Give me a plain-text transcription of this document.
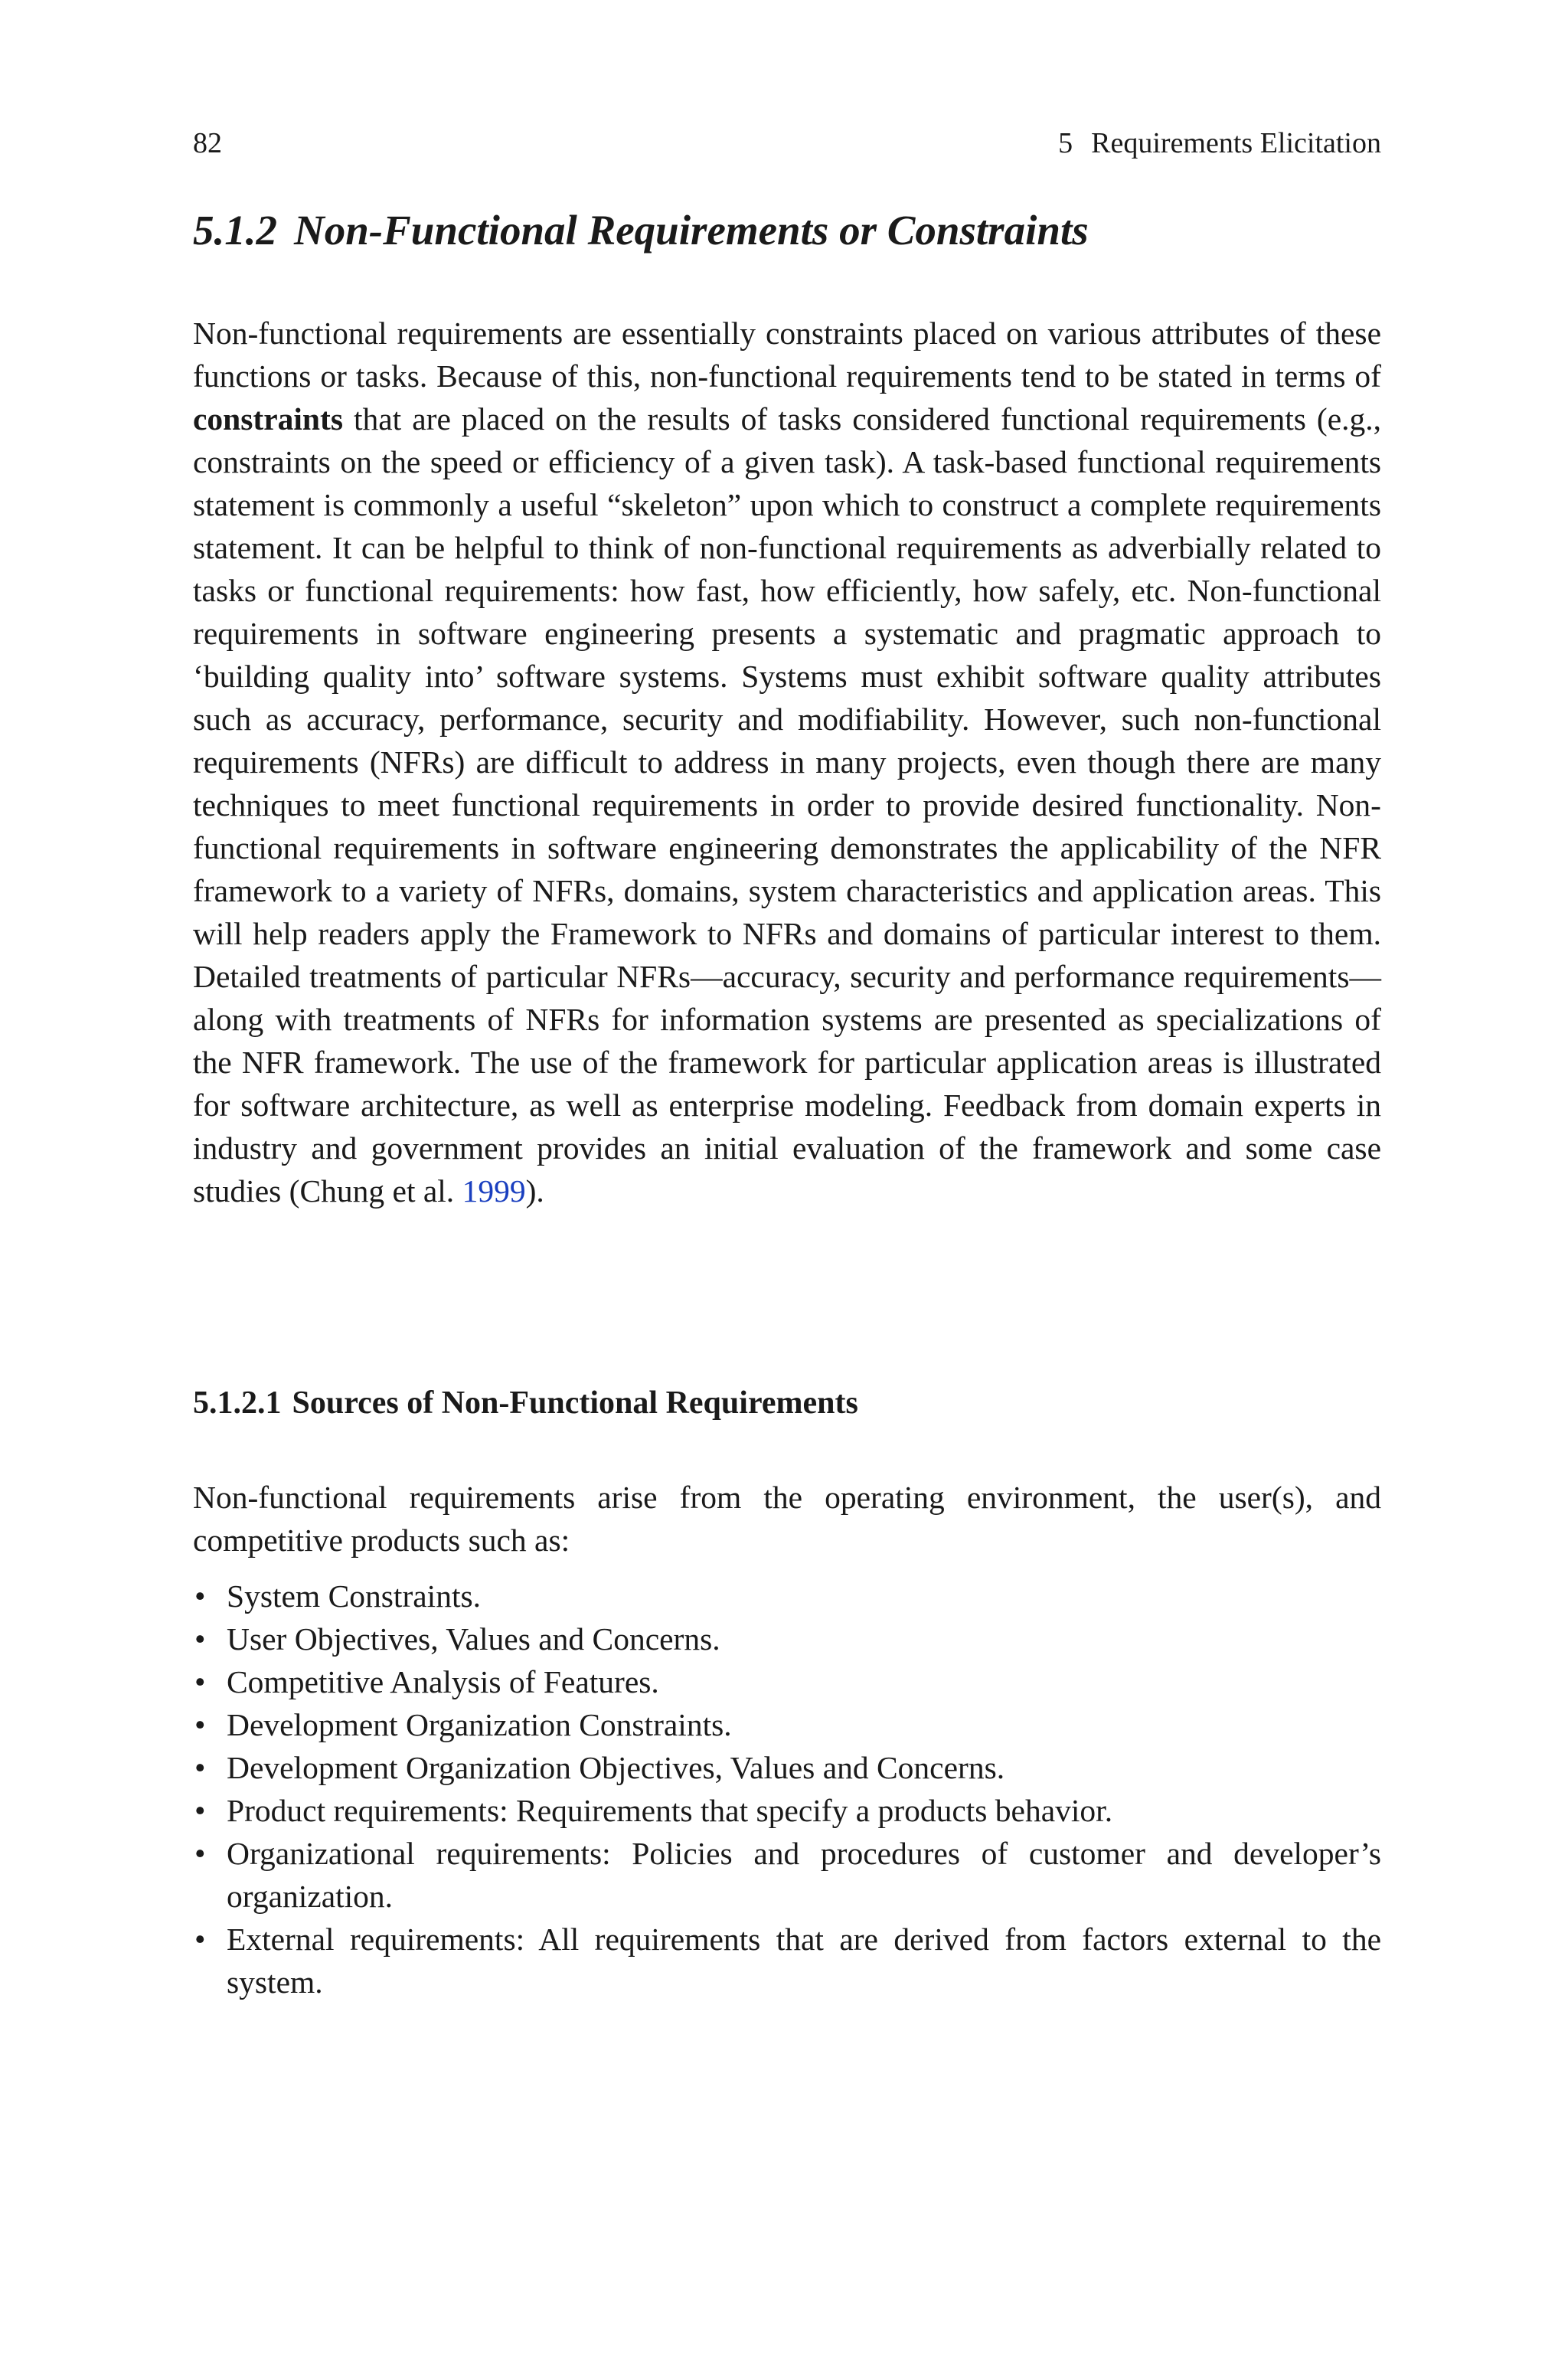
82	5 Requirements Elicitation
5.1.2 Non-Functional Requirements or Constraints

Non-functional requirements are essentially constraints placed on various attributes of these functions or tasks. Because of this, non-functional requirements tend to be stated in terms of constraints that are placed on the results of tasks considered functional requirements (e.g., constraints on the speed or efficiency of a given task). A task-based functional requirements statement is commonly a useful “skeleton” upon which to construct a complete requirements statement. It can be helpful to think of non-functional requirements as adverbially related to tasks or functional requirements: how fast, how efficiently, how safely, etc. Non-functional requirements in software engineering presents a systematic and pragmatic approach to ‘building quality into’ software systems. Systems must exhibit software quality attributes such as accuracy, performance, security and modifiability. However, such non-functional requirements (NFRs) are difficult to address in many projects, even though there are many techniques to meet functional requirements in order to provide desired functionality. Non-functional requirements in software engineering demonstrates the applicability of the NFR framework to a variety of NFRs, domains, system characteristics and application areas. This will help readers apply the Framework to NFRs and domains of particular interest to them. Detailed treatments of particular NFRs—accuracy, security and performance requirements—along with treatments of NFRs for information systems are presented as specializations of the NFR framework. The use of the framework for particular application areas is illustrated for software architecture, as well as enterprise modeling. Feedback from domain experts in industry and government provides an initial evaluation of the framework and some case studies (Chung et al. 1999).

5.1.2.1 Sources of Non-Functional Requirements

Non-functional requirements arise from the operating environment, the user(s), and competitive products such as:

• System Constraints.
• User Objectives, Values and Concerns.
• Competitive Analysis of Features.
• Development Organization Constraints.
• Development Organization Objectives, Values and Concerns.
• Product requirements: Requirements that specify a products behavior.
• Organizational requirements: Policies and procedures of customer and developer’s organization.
• External requirements: All requirements that are derived from factors external to the system.
